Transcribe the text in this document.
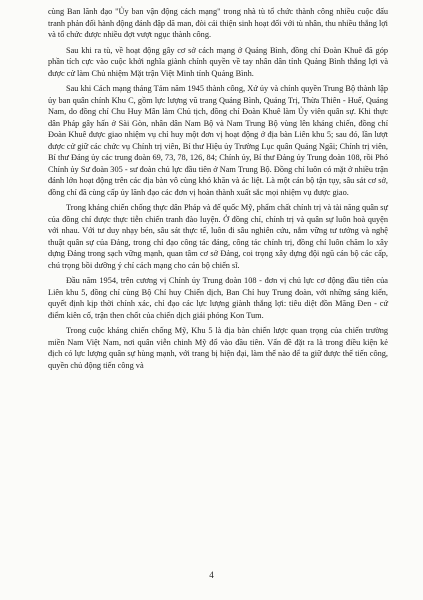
cùng Ban lãnh đạo "Ủy ban vận động cách mạng" trong nhà tù tổ chức thành công nhiều cuộc đấu tranh phản đối hành động đánh đập dã man, đòi cải thiện sinh hoạt đối với tù nhân, thu nhiều thắng lợi và tổ chức được nhiều đợt vượt ngục thành công.

Sau khi ra tù, về hoạt động gây cơ sở cách mạng ở Quảng Bình, đồng chí Đoàn Khuê đã góp phần tích cực vào cuộc khởi nghĩa giành chính quyền về tay nhân dân tỉnh Quảng Bình thắng lợi và được cử làm Chủ nhiệm Mặt trận Việt Minh tỉnh Quảng Bình.

Sau khi Cách mạng tháng Tám năm 1945 thành công, Xứ ủy và chính quyền Trung Bộ thành lập ủy ban quân chính Khu C, gồm lực lượng vũ trang Quảng Bình, Quảng Trị, Thừa Thiên - Huế, Quảng Nam, do đồng chí Chu Huy Mân làm Chủ tịch, đồng chí Đoàn Khuê làm Ủy viên quân sự. Khi thực dân Pháp gây hấn ở Sài Gòn, nhân dân Nam Bộ và Nam Trung Bộ vùng lên kháng chiến, đồng chí Đoàn Khuê được giao nhiệm vụ chỉ huy một đơn vị hoạt động ở địa bàn Liên khu 5; sau đó, lần lượt được cử giữ các chức vụ Chính trị viên, Bí thư Hiệu ủy Trường Lục quân Quảng Ngãi; Chính trị viên, Bí thư Đảng ủy các trung đoàn 69, 73, 78, 126, 84; Chính ủy, Bí thư Đảng ủy Trung đoàn 108, rồi Phó Chính ủy Sư đoàn 305 - sư đoàn chủ lực đầu tiên ở Nam Trung Bộ. Đồng chí luôn có mặt ở nhiều trận đánh lớn hoạt động trên các địa bàn vô cùng khó khăn và ác liệt. Là một cán bộ tận tụy, sâu sát cơ sở, đồng chí đã cùng cấp ủy lãnh đạo các đơn vị hoàn thành xuất sắc mọi nhiệm vụ được giao.

Trong kháng chiến chống thực dân Pháp và đế quốc Mỹ, phẩm chất chính trị và tài năng quân sự của đồng chí được thực tiễn chiến tranh đào luyện. Ở đồng chí, chính trị và quân sự luôn hoà quyện với nhau. Với tư duy nhạy bén, sâu sát thực tế, luôn đi sâu nghiên cứu, nắm vững tư tưởng và nghệ thuật quân sự của Đảng, trong chỉ đạo công tác đảng, công tác chính trị, đồng chí luôn chăm lo xây dựng Đảng trong sạch vững mạnh, quan tâm cơ sở Đảng, coi trọng xây dựng đội ngũ cán bộ các cấp, chú trọng bồi dưỡng ý chí cách mạng cho cán bộ chiến sĩ.

Đầu năm 1954, trên cương vị Chính ủy Trung đoàn 108 - đơn vị chủ lực cơ động đầu tiên của Liên khu 5, đồng chí cùng Bộ Chỉ huy Chiến dịch, Ban Chỉ huy Trung đoàn, với những sáng kiến, quyết định kịp thời chính xác, chỉ đạo các lực lượng giành thắng lợi: tiêu diệt đồn Măng Đen - cứ điểm kiên cố, trận then chốt của chiến dịch giải phóng Kon Tum.

Trong cuộc kháng chiến chống Mỹ, Khu 5 là địa bàn chiến lược quan trọng của chiến trường miền Nam Việt Nam, nơi quân viễn chinh Mỹ đổ vào đầu tiên. Vấn đề đặt ra là trong điều kiện kẻ địch có lực lượng quân sự hùng mạnh, với trang bị hiện đại, làm thế nào để ta giữ được thế tiến công, quyền chủ động tiến công và

4
